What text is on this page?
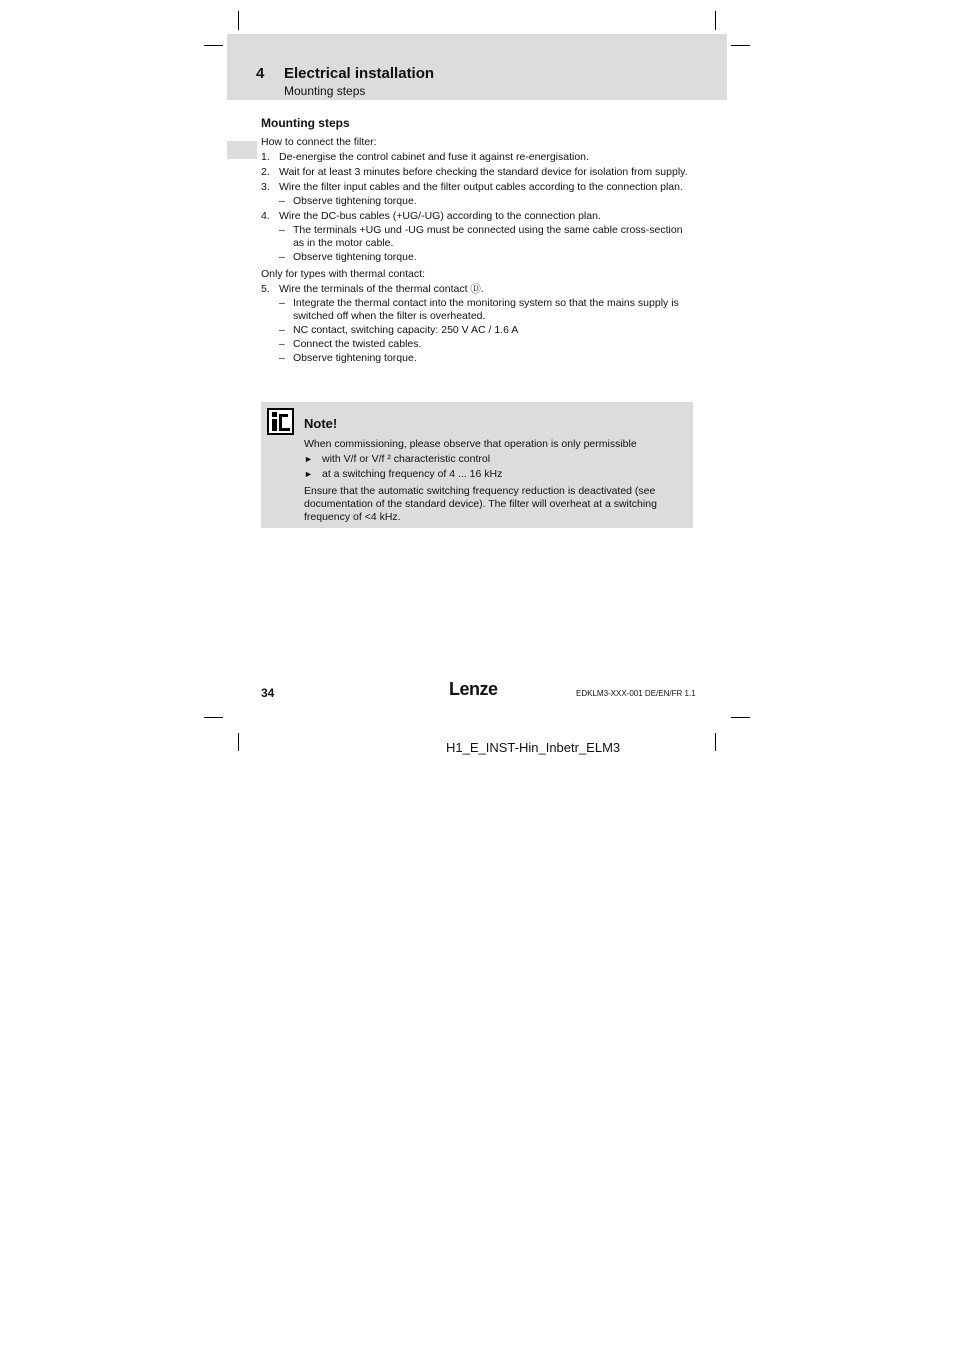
4 Electrical installation
Mounting steps
Mounting steps
How to connect the filter:
1. De-energise the control cabinet and fuse it against re-energisation.
2. Wait for at least 3 minutes before checking the standard device for isolation from supply.
3. Wire the filter input cables and the filter output cables according to the connection plan.
– Observe tightening torque.
4. Wire the DC-bus cables (+UG/-UG) according to the connection plan.
– The terminals +UG und -UG must be connected using the same cable cross-section as in the motor cable.
– Observe tightening torque.
Only for types with thermal contact:
5. Wire the terminals of the thermal contact Ⓓ.
– Integrate the thermal contact into the monitoring system so that the mains supply is switched off when the filter is overheated.
– NC contact, switching capacity: 250 V AC / 1.6 A
– Connect the twisted cables.
– Observe tightening torque.
Note!
When commissioning, please observe that operation is only permissible
► with V/f or V/f ² characteristic control
► at a switching frequency of 4 ... 16 kHz
Ensure that the automatic switching frequency reduction is deactivated (see documentation of the standard device). The filter will overheat at a switching frequency of <4 kHz.
34	Lenze	EDKLM3-XXX-001 DE/EN/FR 1.1
H1_E_INST-Hin_Inbetr_ELM3
